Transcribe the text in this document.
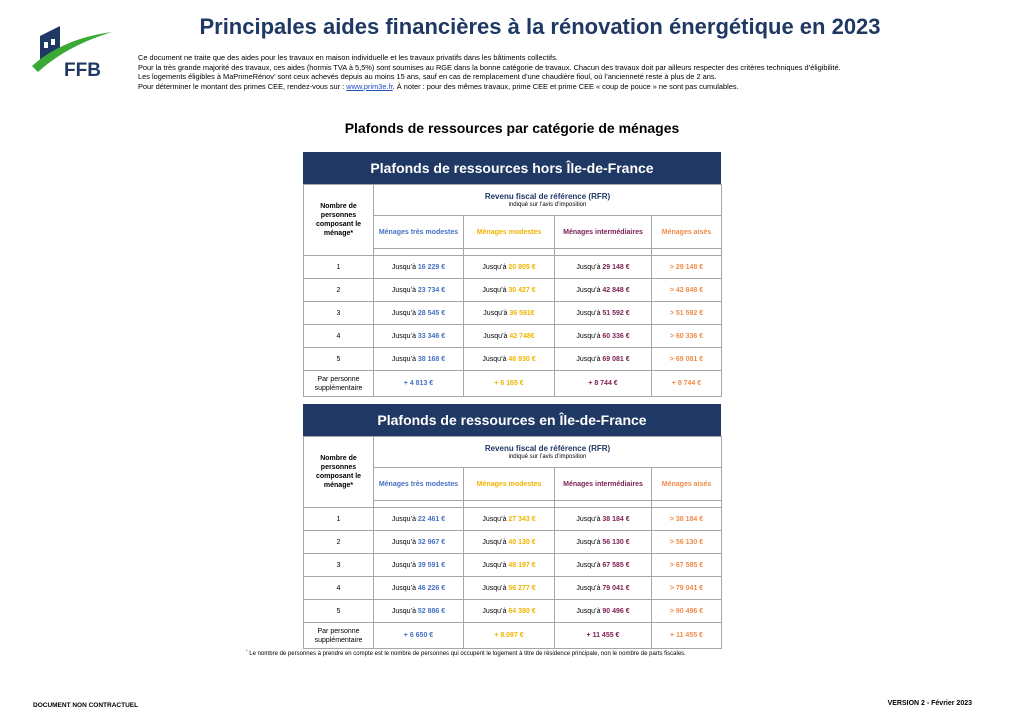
FFB
Principales aides financières à la rénovation énergétique en 2023

Ce document ne traite que des aides pour les travaux en maison individuelle et les travaux privatifs dans les bâtiments collectifs.

Pour la très grande majorité des travaux, ces aides (hormis TVA à 5,5%) sont soumises au RGE dans la bonne catégorie de travaux. Chacun des travaux doit par ailleurs respecter des critères techniques d’éligibilité.

Les logements éligibles à MaPrimeRénov’ sont ceux achevés depuis au moins 15 ans, sauf en cas de remplacement d’une chaudière fioul, où l’ancienneté reste à plus de 2 ans.

Pour déterminer le montant des primes CEE, rendez-vous sur : www.prim3e.fr. À noter : pour des mêmes travaux, prime CEE et prime CEE « coup de pouce » ne sont pas cumulables.

Plafonds de ressources par catégorie de ménages
Plafonds de ressources hors Île-de-France
Nombre de personnes composant le ménage*	Revenu fiscal de référence (RFR)
indiqué sur l’avis d’imposition			

	Ménages très modestes	Ménages modestes	Ménages intermédiaires	Ménages aisés

1	Jusqu’à 16 229 €	Jusqu’à 20 805 €	Jusqu’à 29 148 €	> 29 148 €
2	Jusqu’à 23 734 €	Jusqu’à 30 427 €	Jusqu’à 42 848 €	> 42 848 €
3	Jusqu’à 28 545 €	Jusqu’à 36 591€	Jusqu’à 51 592 €	> 51 592 €
4	Jusqu’à 33 346 €	Jusqu’à 42 748€	Jusqu’à 60 336 €	> 60 336 €
5	Jusqu’à 38 168 €	Jusqu’à 48 930 €	Jusqu’à 69 081 €	> 69 081 €
Par personne supplémentaire	+ 4 813 €	+ 6 165 €	+ 8 744 €	+ 8 744 €
Plafonds de ressources en Île-de-France
Nombre de personnes composant le ménage*	Revenu fiscal de référence (RFR)
indiqué sur l’avis d’imposition			

	Ménages très modestes	Ménages modestes	Ménages intermédiaires	Ménages aisés

1	Jusqu’à 22 461 €	Jusqu’à 27 343 €	Jusqu’à 38 184 €	> 38 184 €
2	Jusqu’à 32 967 €	Jusqu’à 40 130 €	Jusqu’à 56 130 €	> 56 130 €
3	Jusqu’à 39 591 €	Jusqu’à 48 197 €	Jusqu’à 67 585 €	> 67 585 €
4	Jusqu’à 46 226 €	Jusqu’à 56 277 €	Jusqu’à 79 041 €	> 79 041 €
5	Jusqu’à 52 886 €	Jusqu’à 64 380 €	Jusqu’à 90 496 €	> 90 496 €
Par personne supplémentaire	+ 6 650 €	+ 8.097 €	+ 11 455 €	+ 11 455 €
* Le nombre de personnes à prendre en compte est le nombre de personnes qui occupent le logement à titre de résidence principale, non le nombre de parts fiscales.
DOCUMENT NON CONTRACTUEL	VERSION 2 - Février 2023
